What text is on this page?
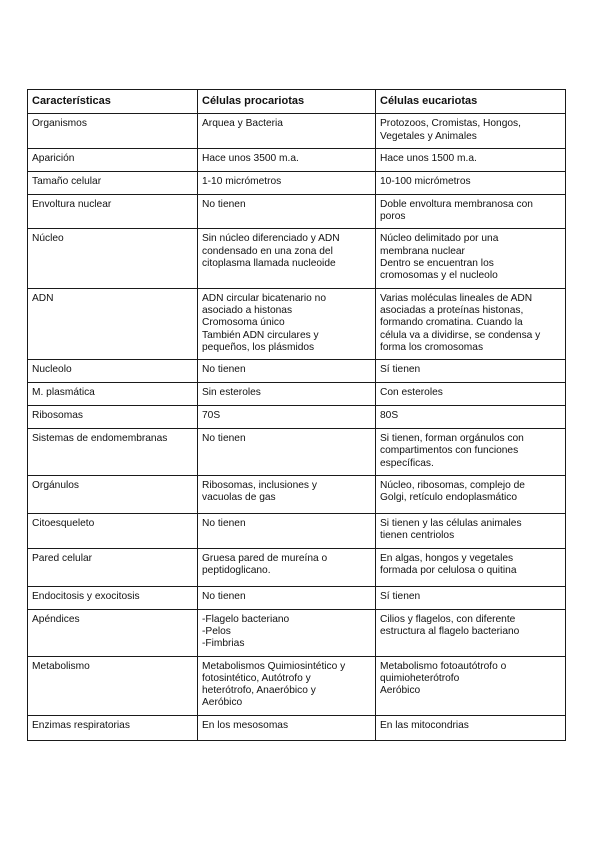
Características	Células procariotas	Células eucariotas
Organismos	Arquea y Bacteria	Protozoos, Cromistas, Hongos,
Vegetales y Animales
Aparición	Hace unos 3500 m.a.	Hace unos 1500 m.a.
Tamaño celular	1-10 micrómetros	10-100 micrómetros
Envoltura nuclear	No tienen	Doble envoltura membranosa con
poros
Núcleo	Sin núcleo diferenciado y ADN
condensado en una zona del
citoplasma llamada nucleoide	Núcleo delimitado por una
membrana nuclear
Dentro se encuentran los
cromosomas y el nucleolo
ADN	ADN circular bicatenario no
asociado a histonas
Cromosoma único
También ADN circulares y
pequeños, los plásmidos	Varias moléculas lineales de ADN
asociadas a proteínas histonas,
formando cromatina. Cuando la
célula va a dividirse, se condensa y
forma los cromosomas
Nucleolo	No tienen	Sí tienen
M. plasmática	Sin esteroles	Con esteroles
Ribosomas	70S	80S
Sistemas de endomembranas	No tienen	Si tienen, forman orgánulos con
compartimentos con funciones
específicas.
Orgánulos	Ribosomas, inclusiones y
vacuolas de gas	Núcleo, ribosomas, complejo de
Golgi, retículo endoplasmático
Citoesqueleto	No tienen	Si tienen y las células animales
tienen centriolos
Pared celular	Gruesa pared de mureína o
peptidoglicano.	En algas, hongos y vegetales
formada por celulosa o quitina
Endocitosis y exocitosis	No tienen	Sí tienen
Apéndices	-Flagelo bacteriano
-Pelos
-Fimbrias	Cilios y flagelos, con diferente
estructura al flagelo bacteriano
Metabolismo	Metabolismos Quimiosintético y
fotosintético, Autótrofo y
heterótrofo, Anaeróbico y
Aeróbico	Metabolismo fotoautótrofo o
quimioheterótrofo
Aeróbico
Enzimas respiratorias	En los mesosomas	En las mitocondrias
